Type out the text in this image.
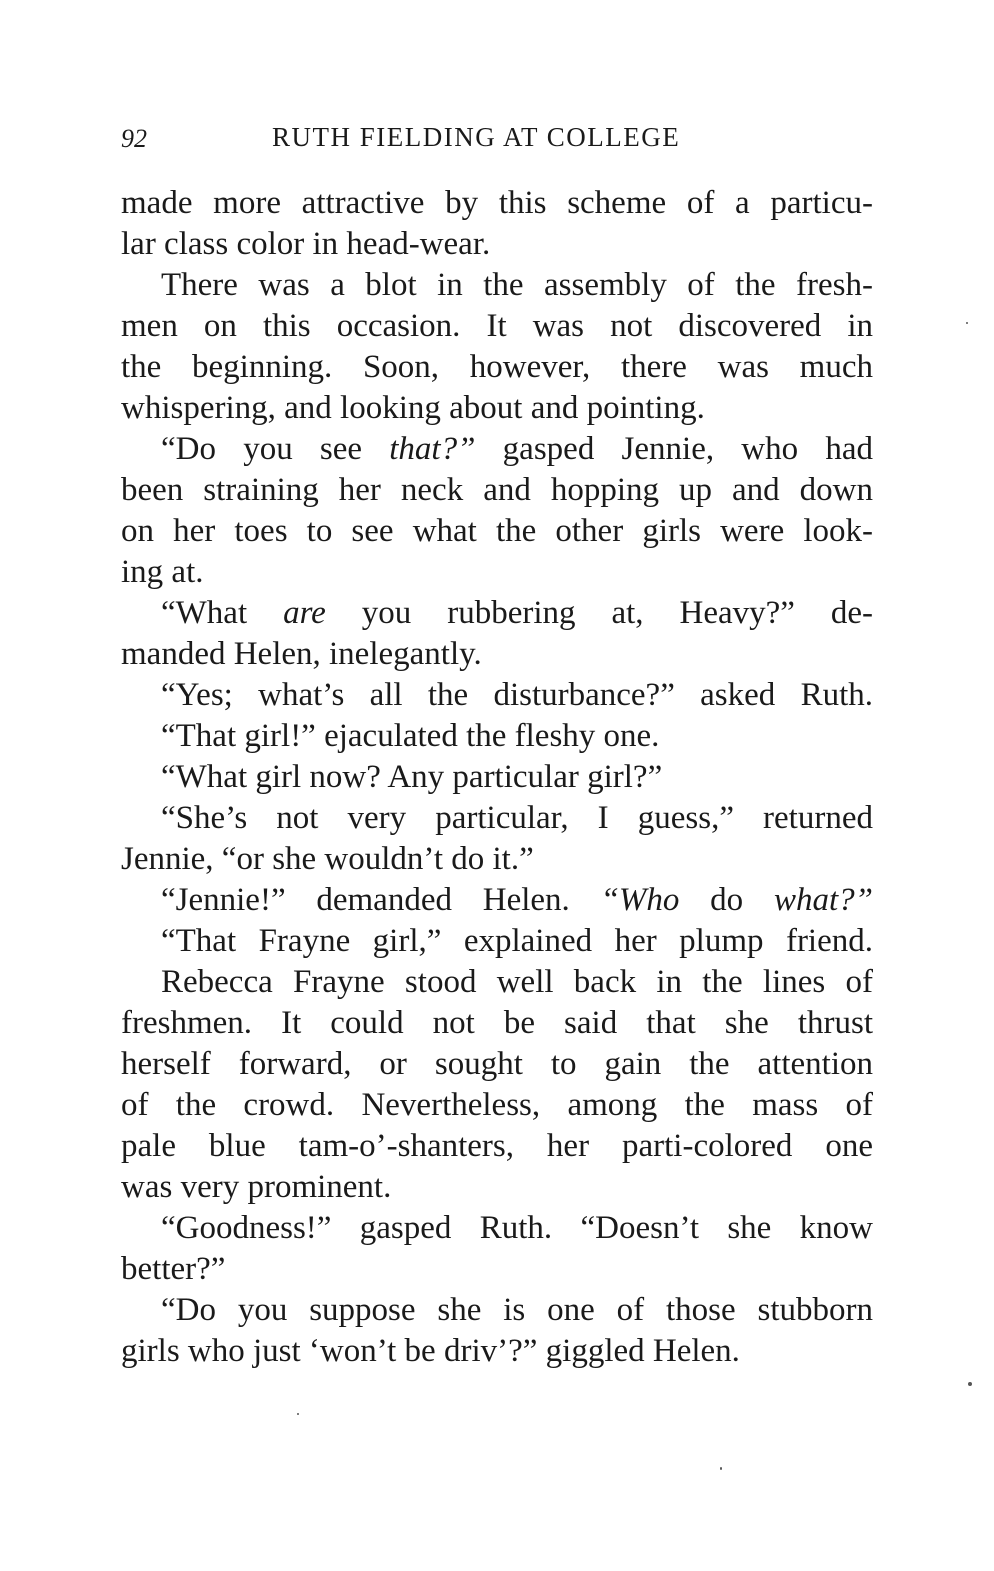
92	RUTH FIELDING AT COLLEGE
made more attractive by this scheme of a particu-
lar class color in head-wear.
There was a blot in the assembly of the fresh-
men on this occasion. It was not discovered in
the beginning. Soon, however, there was much
whispering, and looking about and pointing.
“Do you see that?” gasped Jennie, who had
been straining her neck and hopping up and down
on her toes to see what the other girls were look-
ing at.
“What are you rubbering at, Heavy?” de-
manded Helen, inelegantly.
“Yes; what’s all the disturbance?” asked Ruth.
“That girl!” ejaculated the fleshy one.
“What girl now? Any particular girl?”
“She’s not very particular, I guess,” returned
Jennie, “or she wouldn’t do it.”
“Jennie!” demanded Helen. “Who do what?”
“That Frayne girl,” explained her plump friend.
Rebecca Frayne stood well back in the lines of
freshmen. It could not be said that she thrust
herself forward, or sought to gain the attention
of the crowd. Nevertheless, among the mass of
pale blue tam-o’-shanters, her parti-colored one
was very prominent.
“Goodness!” gasped Ruth. “Doesn’t she know
better?”
“Do you suppose she is one of those stubborn
girls who just ‘won’t be driv’?” giggled Helen.
